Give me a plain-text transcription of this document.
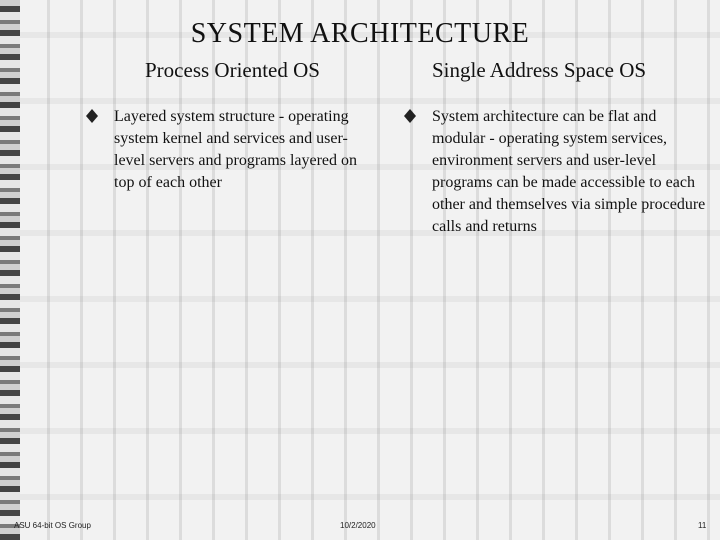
SYSTEM ARCHITECTURE
Process Oriented OS	Single Address Space OS
Layered system structure - operating system kernel and services and user-level servers and programs layered on top of each other
System architecture can be flat and modular - operating system services, environment servers and user-level programs can be made accessible to each other and themselves via simple procedure calls and returns
ASU 64-bit OS Group	10/2/2020	11
